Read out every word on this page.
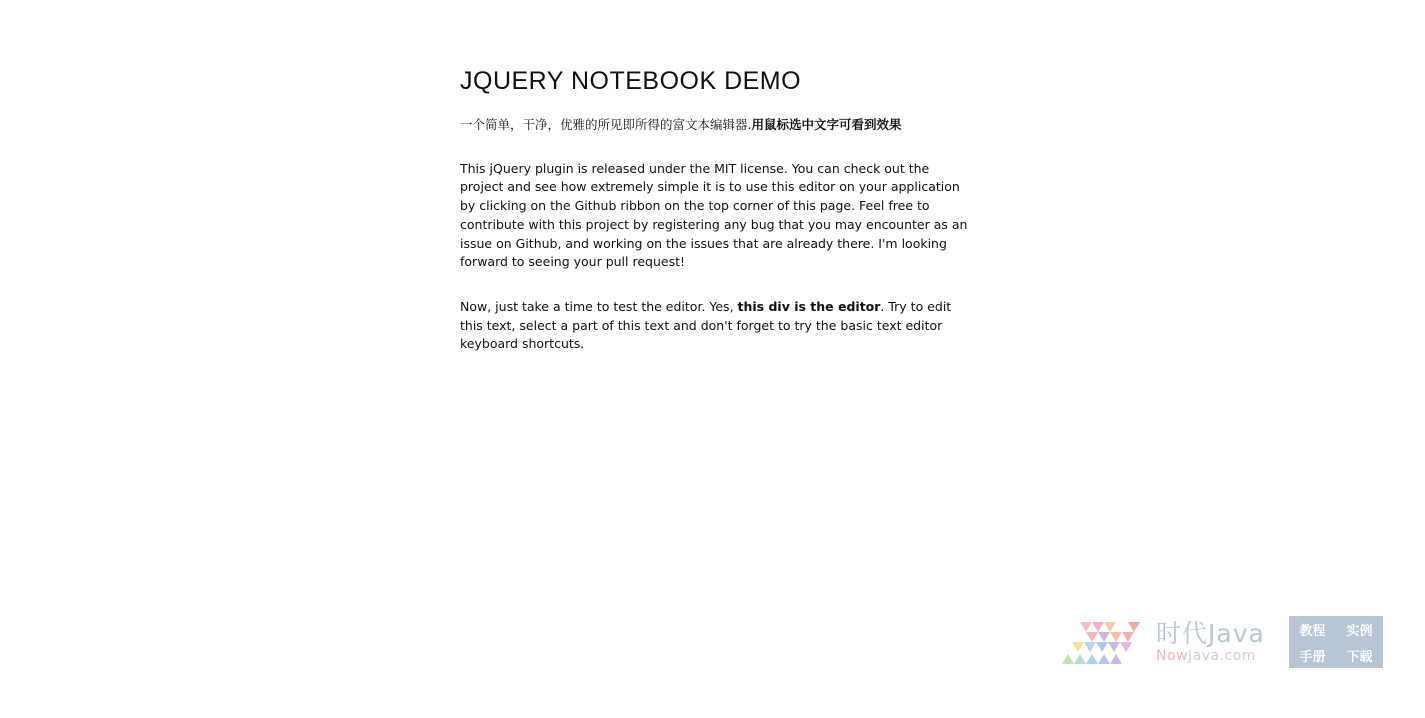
JQUERY NOTEBOOK DEMO

一个简单，干净，优雅的所见即所得的富文本编辑器.用鼠标选中文字可看到效果

This jQuery plugin is released under the MIT license. You can check out the project and see how extremely simple it is to use this editor on your application by clicking on the Github ribbon on the top corner of this page. Feel free to contribute with this project by registering any bug that you may encounter as an issue on Github, and working on the issues that are already there. I'm looking forward to seeing your pull request!

Now, just take a time to test the editor. Yes, this div is the editor. Try to edit this text, select a part of this text and don't forget to try the basic text editor keyboard shortcuts.

时代Java
NowJava.com
教程 实例
手册 下载
